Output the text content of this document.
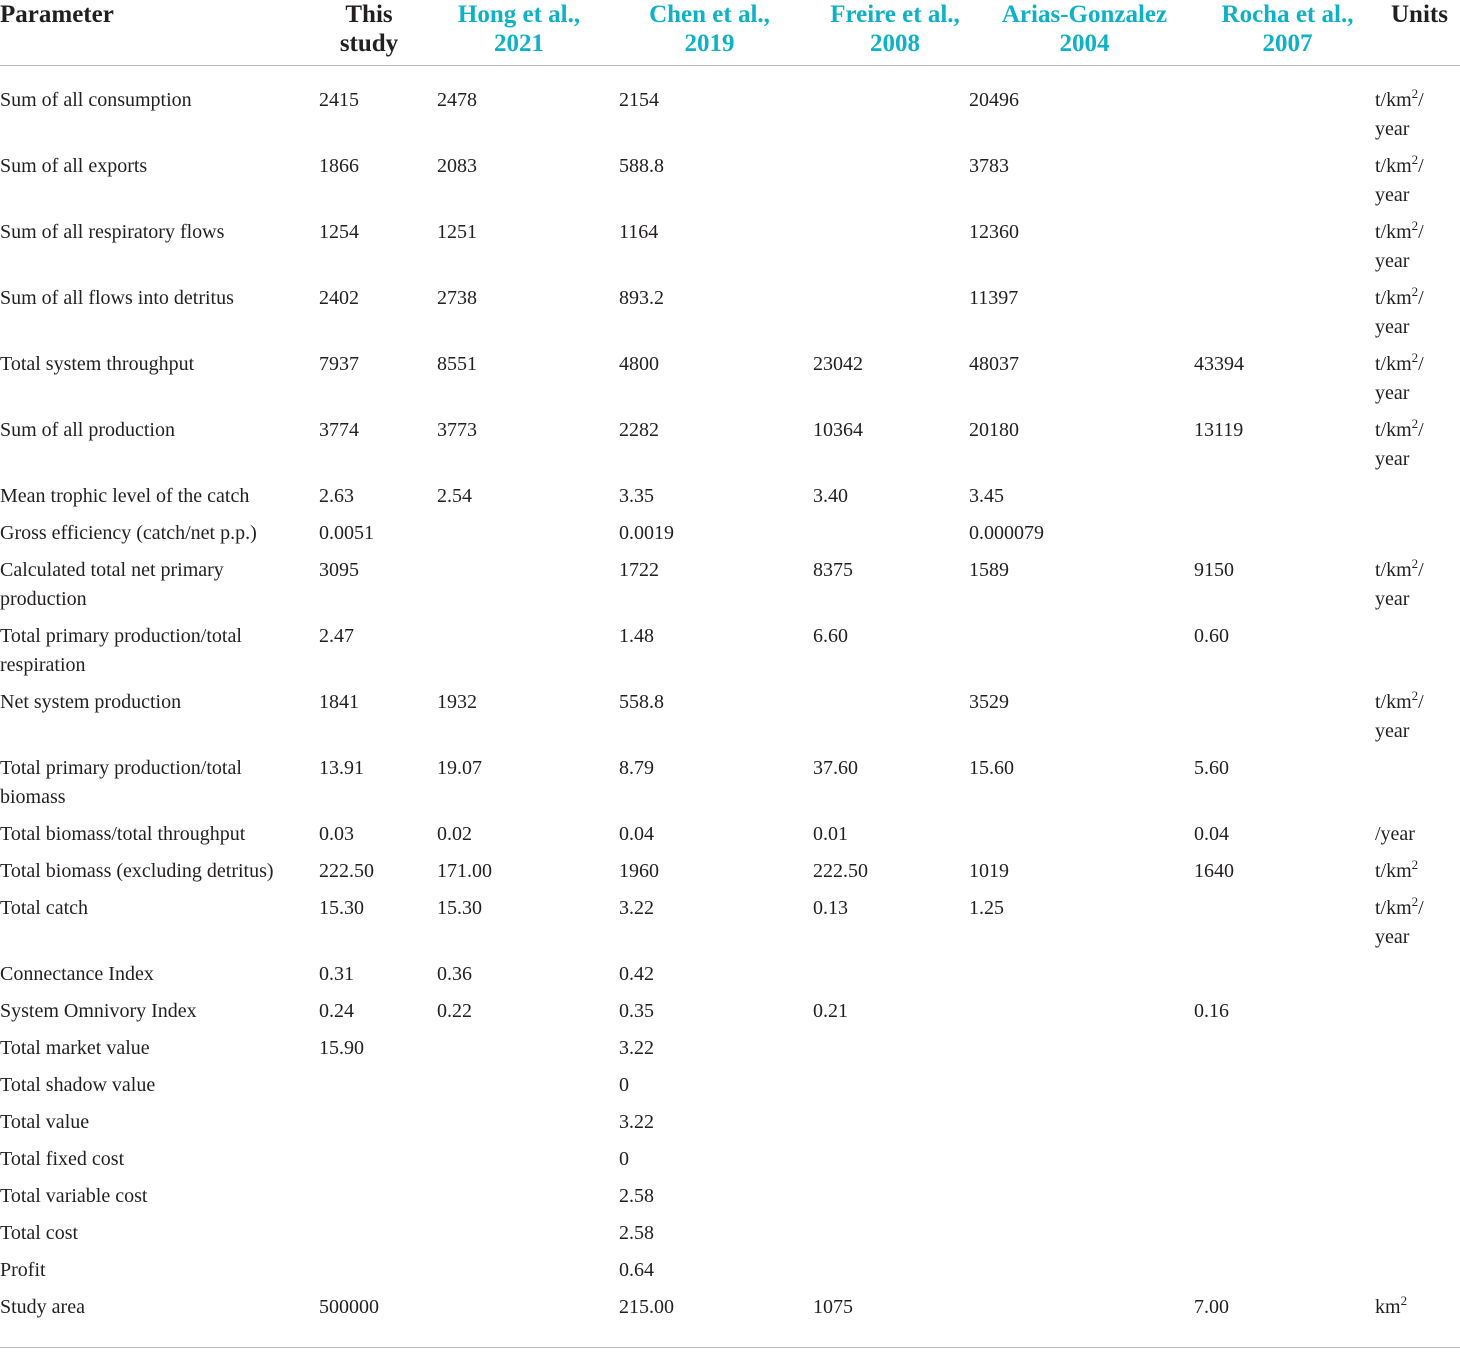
Parameter	This study	Hong et al., 2021	Chen et al., 2019	Freire et al., 2008	Arias-Gonzalez 2004	Rocha et al., 2007	Units
Sum of all consumption	2415	2478	2154		20496		$t/km^2/$ year
Sum of all exports	1866	2083	588.8		3783		$t/km^2/$ year
Sum of all respiratory flows	1254	1251	1164		12360		$t/km^2/$ year
Sum of all flows into detritus	2402	2738	893.2		11397		$t/km^2/$ year
Total system throughput	7937	8551	4800	23042	48037	43394	$t/km^2/$ year
Sum of all production	3774	3773	2282	10364	20180	13119	$t/km^2/$ year
Mean trophic level of the catch	2.63	2.54	3.35	3.40	3.45		
Gross efficiency (catch/net p.p.)	0.0051		0.0019		0.000079		
Calculated total net primary production	3095		1722	8375	1589	9150	$t/km^2/$ year
Total primary production/total respiration	2.47		1.48	6.60		0.60	
Net system production	1841	1932	558.8		3529		$t/km^2/$ year
Total primary production/total biomass	13.91	19.07	8.79	37.60	15.60	5.60	
Total biomass/total throughput	0.03	0.02	0.04	0.01		0.04	/year
Total biomass (excluding detritus)	222.50	171.00	1960	222.50	1019	1640	$t/km^2$
Total catch	15.30	15.30	3.22	0.13	1.25		$t/km^2/$ year
Connectance Index	0.31	0.36	0.42				
System Omnivory Index	0.24	0.22	0.35	0.21		0.16	
Total market value	15.90		3.22				
Total shadow value			0				
Total value			3.22				
Total fixed cost			0				
Total variable cost			2.58				
Total cost			2.58				
Profit			0.64				
Study area	500000		215.00	1075		7.00	$km^2$
